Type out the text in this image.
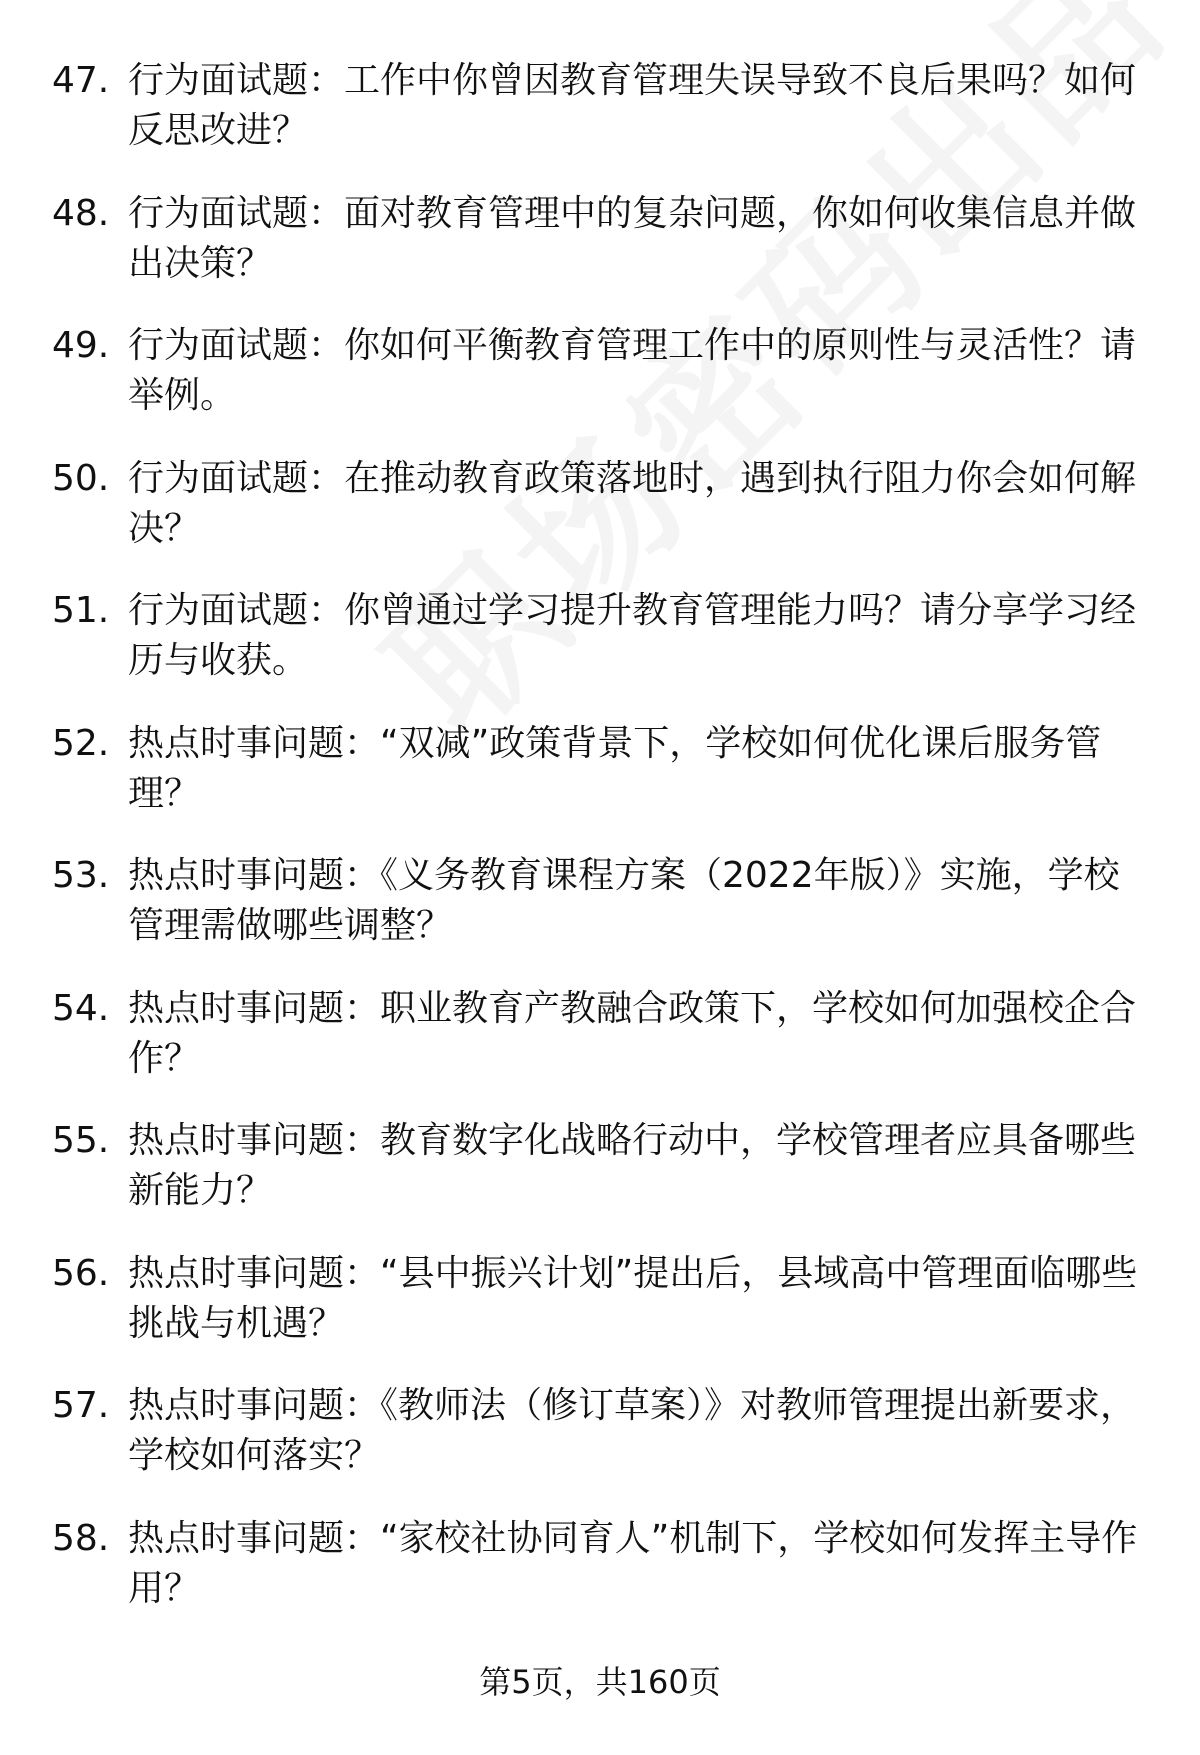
47. 行为面试题：工作中你曾因教育管理失误导致不良后果吗？如何反思改进？
48. 行为面试题：面对教育管理中的复杂问题，你如何收集信息并做出决策？
49. 行为面试题：你如何平衡教育管理工作中的原则性与灵活性？请举例。
50. 行为面试题：在推动教育政策落地时，遇到执行阻力你会如何解决？
51. 行为面试题：你曾通过学习提升教育管理能力吗？请分享学习经历与收获。
52. 热点时事问题：“双减”政策背景下，学校如何优化课后服务管理？
53. 热点时事问题：《义务教育课程方案（2022年版）》实施，学校管理需做哪些调整？
54. 热点时事问题：职业教育产教融合政策下，学校如何加强校企合作？
55. 热点时事问题：教育数字化战略行动中，学校管理者应具备哪些新能力？
56. 热点时事问题：“县中振兴计划”提出后，县域高中管理面临哪些挑战与机遇？
57. 热点时事问题：《教师法（修订草案）》对教师管理提出新要求，学校如何落实？
58. 热点时事问题：“家校社协同育人”机制下，学校如何发挥主导作用？
第5页，共160页
